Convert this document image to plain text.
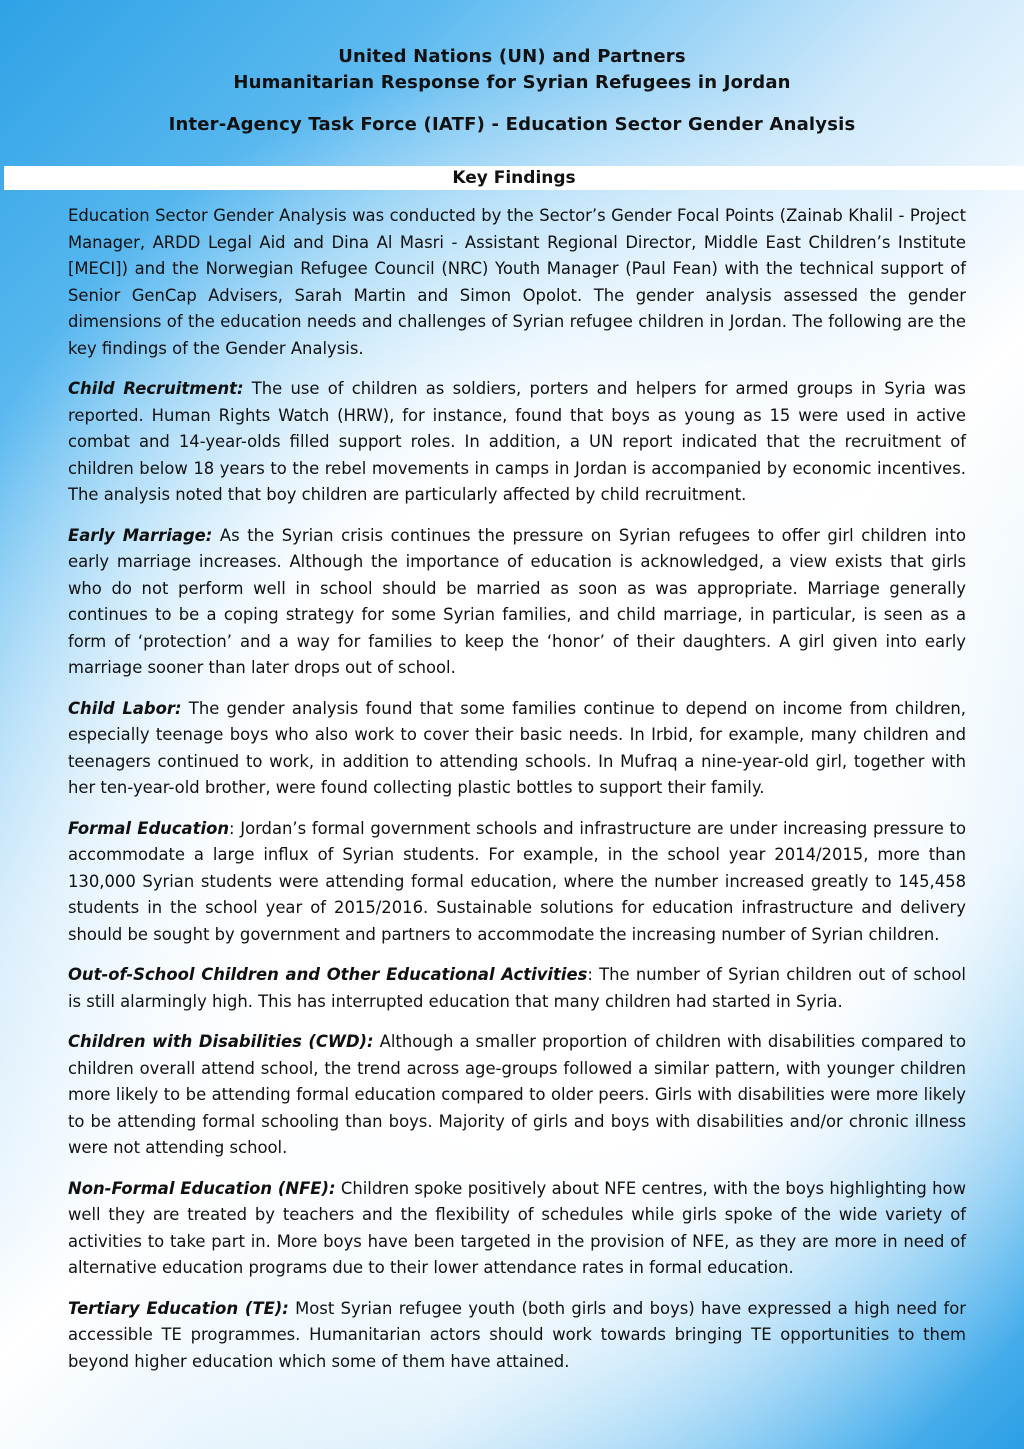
United Nations (UN) and Partners
Humanitarian Response for Syrian Refugees in Jordan
Inter-Agency Task Force (IATF) - Education Sector Gender Analysis
Key Findings

Education Sector Gender Analysis was conducted by the Sector’s Gender Focal Points (Zainab Khalil - Project Manager, ARDD Legal Aid and Dina Al Masri - Assistant Regional Director, Middle East Children’s Institute [MECI]) and the Norwegian Refugee Council (NRC) Youth Manager (Paul Fean) with the technical support of Senior GenCap Advisers, Sarah Martin and Simon Opolot. The gender analysis assessed the gender dimensions of the education needs and challenges of Syrian refugee children in Jordan. The following are the key findings of the Gender Analysis.

Child Recruitment: The use of children as soldiers, porters and helpers for armed groups in Syria was reported. Human Rights Watch (HRW), for instance, found that boys as young as 15 were used in active combat and 14-year-olds filled support roles. In addition, a UN report indicated that the recruitment of children below 18 years to the rebel movements in camps in Jordan is accompanied by economic incentives. The analysis noted that boy children are particularly affected by child recruitment.

Early Marriage: As the Syrian crisis continues the pressure on Syrian refugees to offer girl children into early marriage increases. Although the importance of education is acknowledged, a view exists that girls who do not perform well in school should be married as soon as was appropriate. Marriage generally continues to be a coping strategy for some Syrian families, and child marriage, in particular, is seen as a form of ‘protection’ and a way for families to keep the ‘honor’ of their daughters. A girl given into early marriage sooner than later drops out of school.

Child Labor: The gender analysis found that some families continue to depend on income from children, especially teenage boys who also work to cover their basic needs. In Irbid, for example, many children and teenagers continued to work, in addition to attending schools. In Mufraq a nine-year-old girl, together with her ten-year-old brother, were found collecting plastic bottles to support their family.

Formal Education: Jordan’s formal government schools and infrastructure are under increasing pressure to accommodate a large influx of Syrian students. For example, in the school year 2014/2015, more than 130,000 Syrian students were attending formal education, where the number increased greatly to 145,458 students in the school year of 2015/2016. Sustainable solutions for education infrastructure and delivery should be sought by government and partners to accommodate the increasing number of Syrian children.

Out-of-School Children and Other Educational Activities: The number of Syrian children out of school is still alarmingly high. This has interrupted education that many children had started in Syria.

Children with Disabilities (CWD): Although a smaller proportion of children with disabilities compared to children overall attend school, the trend across age-groups followed a similar pattern, with younger children more likely to be attending formal education compared to older peers. Girls with disabilities were more likely to be attending formal schooling than boys. Majority of girls and boys with disabilities and/or chronic illness were not attending school.

Non-Formal Education (NFE): Children spoke positively about NFE centres, with the boys highlighting how well they are treated by teachers and the flexibility of schedules while girls spoke of the wide variety of activities to take part in. More boys have been targeted in the provision of NFE, as they are more in need of alternative education programs due to their lower attendance rates in formal education.

Tertiary Education (TE): Most Syrian refugee youth (both girls and boys) have expressed a high need for accessible TE programmes. Humanitarian actors should work towards bringing TE opportunities to them beyond higher education which some of them have attained.
